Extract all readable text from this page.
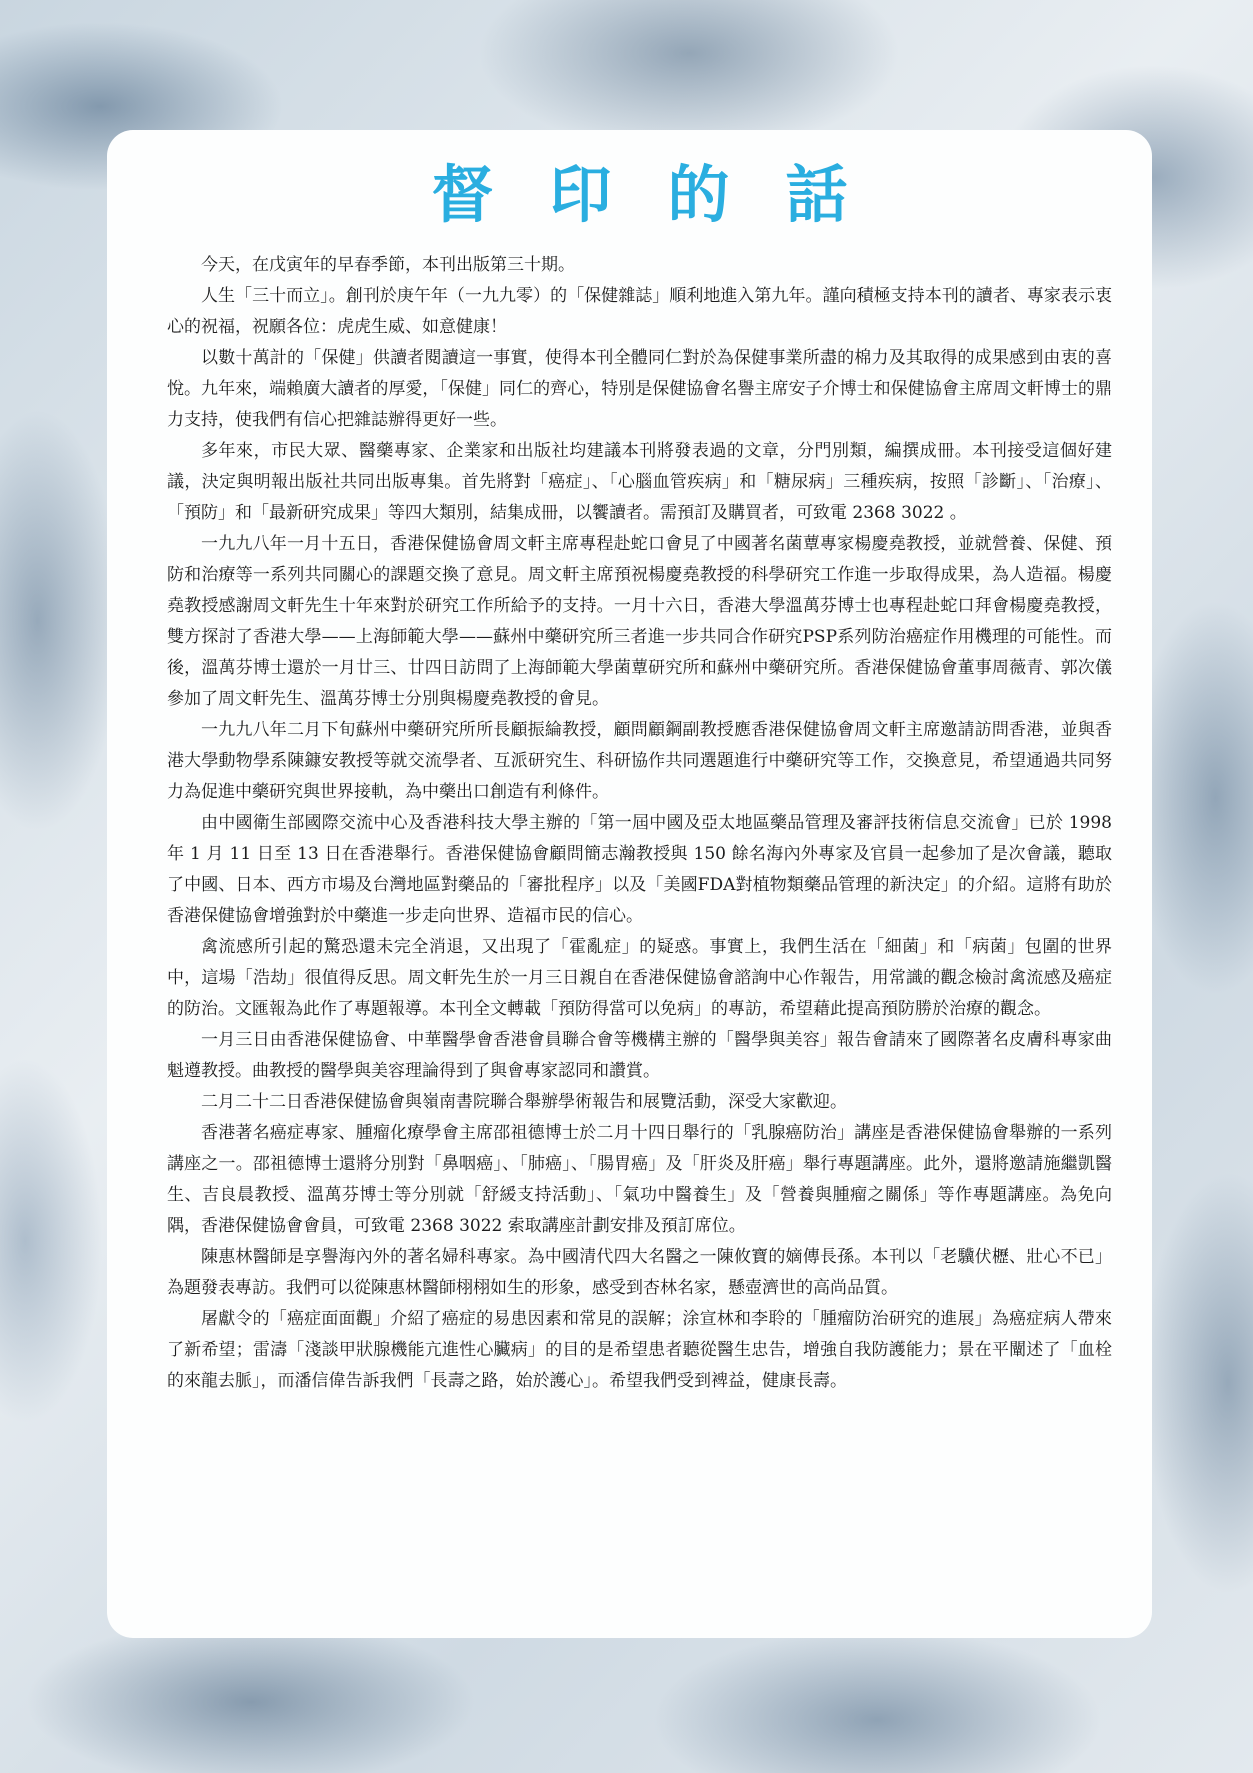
督印的話

今天，在戊寅年的早春季節，本刊出版第三十期。

人生「三十而立」。創刊於庚午年（一九九零）的「保健雜誌」順利地進入第九年。謹向積極支持本刊的讀者、專家表示衷心的祝福，祝願各位：虎虎生威、如意健康！

以數十萬計的「保健」供讀者閱讀這一事實，使得本刊全體同仁對於為保健事業所盡的棉力及其取得的成果感到由衷的喜悅。九年來，端賴廣大讀者的厚愛，「保健」同仁的齊心，特別是保健協會名譽主席安子介博士和保健協會主席周文軒博士的鼎力支持，使我們有信心把雜誌辦得更好一些。

多年來，市民大眾、醫藥專家、企業家和出版社均建議本刊將發表過的文章，分門別類，編撰成冊。本刊接受這個好建議，決定與明報出版社共同出版專集。首先將對「癌症」、「心腦血管疾病」和「糖尿病」三種疾病，按照「診斷」、「治療」、「預防」和「最新研究成果」等四大類別，結集成冊，以饗讀者。需預訂及購買者，可致電 2368 3022 。

一九九八年一月十五日，香港保健協會周文軒主席專程赴蛇口會見了中國著名菌蕈專家楊慶堯教授，並就營養、保健、預防和治療等一系列共同關心的課題交換了意見。周文軒主席預祝楊慶堯教授的科學研究工作進一步取得成果，為人造福。楊慶堯教授感謝周文軒先生十年來對於研究工作所給予的支持。一月十六日，香港大學溫萬芬博士也專程赴蛇口拜會楊慶堯教授，雙方探討了香港大學——上海師範大學——蘇州中藥研究所三者進一步共同合作研究PSP系列防治癌症作用機理的可能性。而後，溫萬芬博士還於一月廿三、廿四日訪問了上海師範大學菌蕈研究所和蘇州中藥研究所。香港保健協會董事周薇青、郭次儀參加了周文軒先生、溫萬芬博士分別與楊慶堯教授的會見。

一九九八年二月下旬蘇州中藥研究所所長顧振綸教授，顧問顧鋼副教授應香港保健協會周文軒主席邀請訪問香港，並與香港大學動物學系陳鏮安教授等就交流學者、互派研究生、科研協作共同選題進行中藥研究等工作，交換意見，希望通過共同努力為促進中藥研究與世界接軌，為中藥出口創造有利條件。

由中國衛生部國際交流中心及香港科技大學主辦的「第一屆中國及亞太地區藥品管理及審評技術信息交流會」已於 1998 年 1 月 11 日至 13 日在香港舉行。香港保健協會顧問簡志瀚教授與 150 餘名海內外專家及官員一起參加了是次會議，聽取了中國、日本、西方市場及台灣地區對藥品的「審批程序」以及「美國FDA對植物類藥品管理的新決定」的介紹。這將有助於香港保健協會增強對於中藥進一步走向世界、造福市民的信心。

禽流感所引起的驚恐還未完全消退，又出現了「霍亂症」的疑惑。事實上，我們生活在「細菌」和「病菌」包圍的世界中，這場「浩劫」很值得反思。周文軒先生於一月三日親自在香港保健協會諮詢中心作報告，用常識的觀念檢討禽流感及癌症的防治。文匯報為此作了專題報導。本刊全文轉載「預防得當可以免病」的專訪，希望藉此提高預防勝於治療的觀念。

一月三日由香港保健協會、中華醫學會香港會員聯合會等機構主辦的「醫學與美容」報告會請來了國際著名皮膚科專家曲魁遵教授。曲教授的醫學與美容理論得到了與會專家認同和讚賞。

二月二十二日香港保健協會與嶺南書院聯合舉辦學術報告和展覽活動，深受大家歡迎。

香港著名癌症專家、腫瘤化療學會主席邵祖德博士於二月十四日舉行的「乳腺癌防治」講座是香港保健協會舉辦的一系列講座之一。邵祖德博士還將分別對「鼻咽癌」、「肺癌」、「腸胃癌」及「肝炎及肝癌」舉行專題講座。此外，還將邀請施繼凱醫生、吉良晨教授、溫萬芬博士等分別就「舒緩支持活動」、「氣功中醫養生」及「營養與腫瘤之關係」等作專題講座。為免向隅，香港保健協會會員，可致電 2368 3022 索取講座計劃安排及預訂席位。

陳惠林醫師是享譽海內外的著名婦科專家。為中國清代四大名醫之一陳攸寶的嫡傳長孫。本刊以「老驥伏櫪、壯心不已」為題發表專訪。我們可以從陳惠林醫師栩栩如生的形象，感受到杏林名家，懸壺濟世的高尚品質。

屠獻令的「癌症面面觀」介紹了癌症的易患因素和常見的誤解；涂宣林和李聆的「腫瘤防治研究的進展」為癌症病人帶來了新希望；雷濤「淺談甲狀腺機能亢進性心臟病」的目的是希望患者聽從醫生忠告，增強自我防護能力；景在平闡述了「血栓的來龍去脈」，而潘信偉告訴我們「長壽之路，始於護心」。希望我們受到裨益，健康長壽。
